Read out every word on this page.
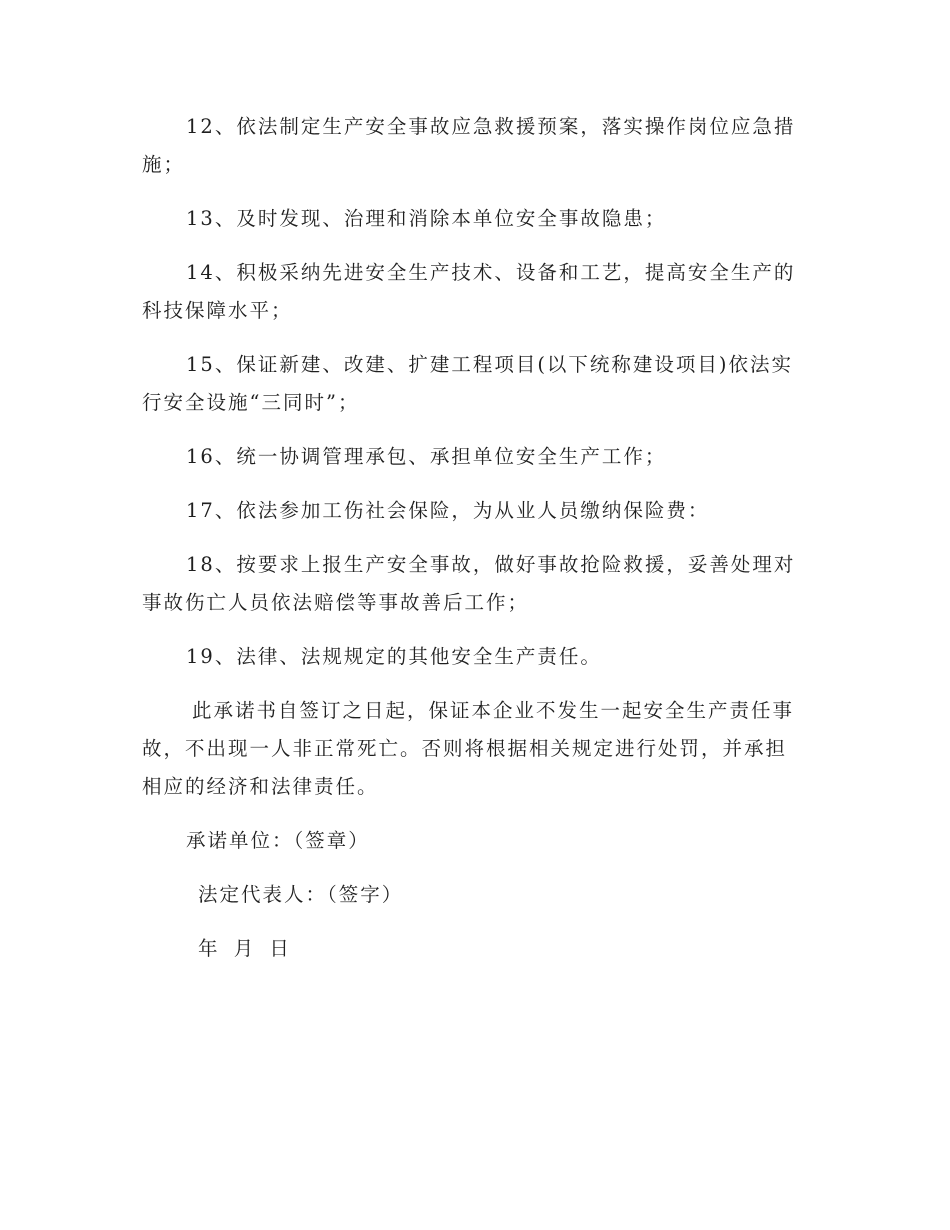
12、依法制定生产安全事故应急救援预案，落实操作岗位应急措施；

13、及时发现、治理和消除本单位安全事故隐患；

14、积极采纳先进安全生产技术、设备和工艺，提高安全生产的科技保障水平；

15、保证新建、改建、扩建工程项目(以下统称建设项目)依法实行安全设施“三同时”；

16、统一协调管理承包、承担单位安全生产工作；

17、依法参加工伤社会保险，为从业人员缴纳保险费：

18、按要求上报生产安全事故，做好事故抢险救援，妥善处理对事故伤亡人员依法赔偿等事故善后工作；

19、法律、法规规定的其他安全生产责任。

此承诺书自签订之日起，保证本企业不发生一起安全生产责任事故，不出现一人非正常死亡。否则将根据相关规定进行处罚，并承担相应的经济和法律责任。

承诺单位：（签章）
法定代表人：（签字）
年 月 日
